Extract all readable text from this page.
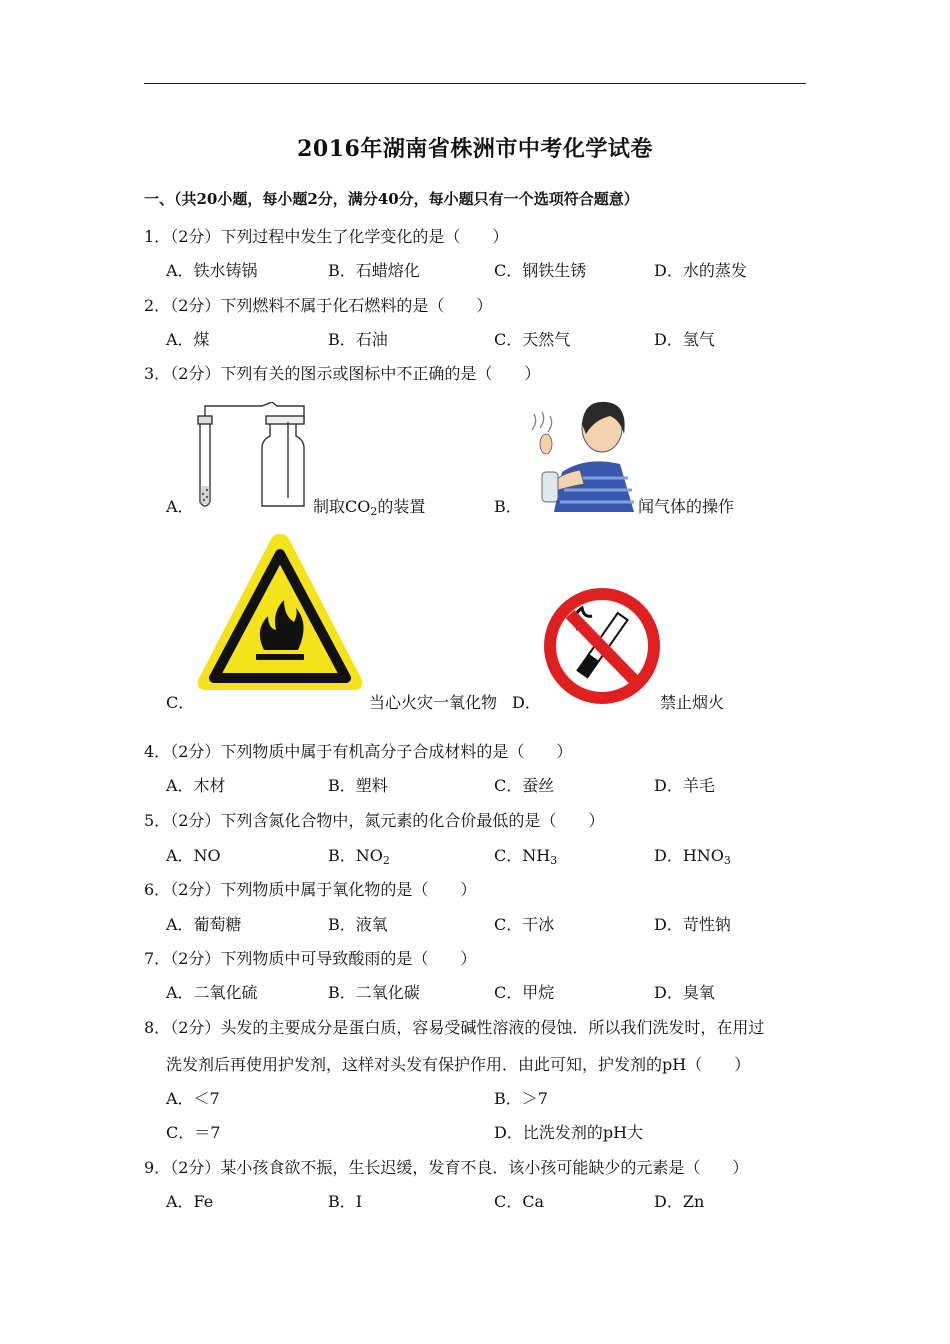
2016年湖南省株洲市中考化学试卷
一、（共20小题，每小题2分，满分40分，每小题只有一个选项符合题意）
1．（2分）下列过程中发生了化学变化的是（　　）
A．铁水铸锅	B．石蜡熔化	C．钢铁生锈	D．水的蒸发
2．（2分）下列燃料不属于化石燃料的是（　　）
A．煤	B．石油	C．天然气	D．氢气
3．（2分）下列有关的图示或图标中不正确的是（　　）
A．	制取$CO_2$的装置	B．	闻气体的操作
C．	当心火灾一氧化物 D．	禁止烟火
4．（2分）下列物质中属于有机高分子合成材料的是（　　）
A．木材	B．塑料	C．蚕丝	D．羊毛
5．（2分）下列含氮化合物中，氮元素的化合价最低的是（　　）
A．NO	B．$NO_2$	C．$NH_3$	D．$HNO_3$
6．（2分）下列物质中属于氧化物的是（　　）
A．葡萄糖	B．液氧	C．干冰	D．苛性钠
7．（2分）下列物质中可导致酸雨的是（　　）
A．二氧化硫	B．二氧化碳	C．甲烷	D．臭氧
8．（2分）头发的主要成分是蛋白质，容易受碱性溶液的侵蚀．所以我们洗发时，在用过
洗发剂后再使用护发剂，这样对头发有保护作用．由此可知，护发剂的pH（　　）
A．＜7	B．＞7
C．＝7	D．比洗发剂的pH大
9．（2分）某小孩食欲不振，生长迟缓，发育不良．该小孩可能缺少的元素是（　　）
A．Fe	B．I	C．Ca	D．Zn
